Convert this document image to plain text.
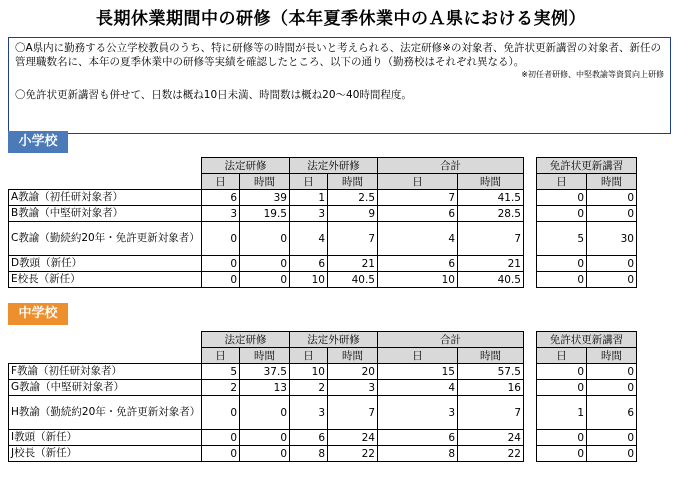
長期休業期間中の研修（本年夏季休業中のＡ県における実例）
〇A県内に勤務する公立学校教員のうち、特に研修等の時間が長いと考えられる、法定研修※の対象者、免許状更新講習の対象者、新任の管理職数名に、本年の夏季休業中の研修等実績を確認したところ、以下の通り（勤務校はそれぞれ異なる）。
※初任者研修、中堅教諭等資質向上研修
〇免許状更新講習も併せて、日数は概ね10日未満、時間数は概ね20～40時間程度。
小学校
中学校
	法定研修		法定外研修		合計			免許状更新講習	
	日	時間	日	時間	日	時間		日	時間
A教諭（初任研対象者）	6	39	1	2.5	7	41.5		0	0
B教諭（中堅研対象者）	3	19.5	3	9	6	28.5		0	0
C教諭（勤続約20年・免許更新対象者）	0	0	4	7	4	7		5	30
D教頭（新任）	0	0	6	21	6	21		0	0
E校長（新任）	0	0	10	40.5	10	40.5		0	0
	法定研修		法定外研修		合計			免許状更新講習	
	日	時間	日	時間	日	時間		日	時間
F教諭（初任研対象者）	5	37.5	10	20	15	57.5		0	0
G教諭（中堅研対象者）	2	13	2	3	4	16		0	0
H教諭（勤続約20年・免許更新対象者）	0	0	3	7	3	7		1	6
I教頭（新任）	0	0	6	24	6	24		0	0
J校長（新任）	0	0	8	22	8	22		0	0
